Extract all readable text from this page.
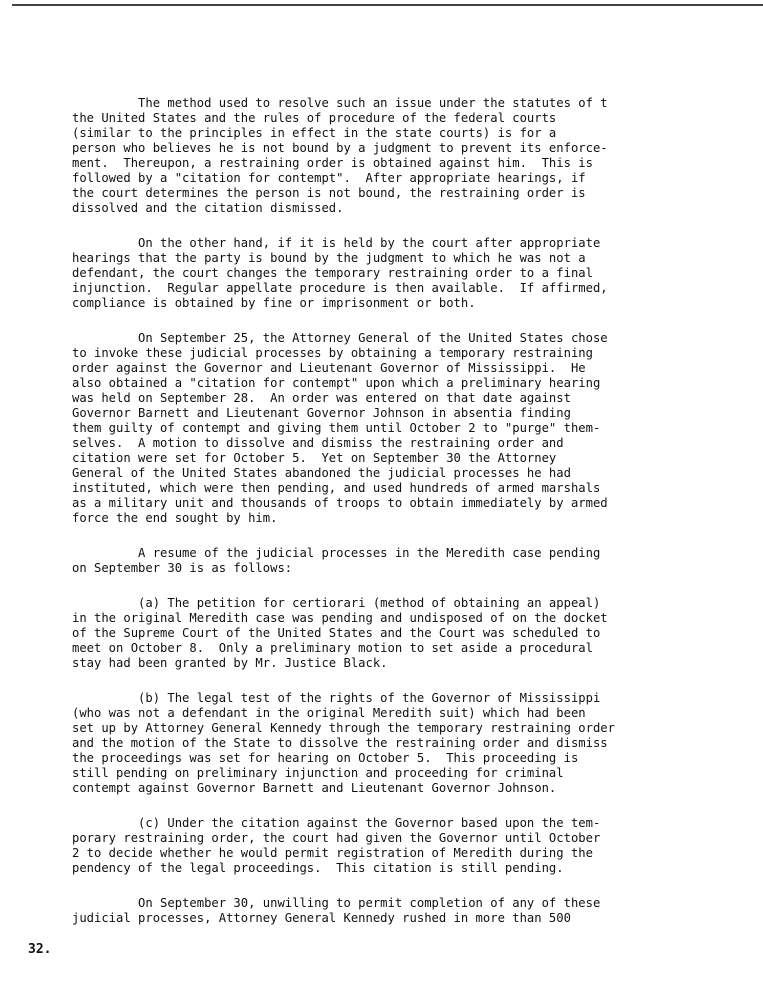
The method used to resolve such an issue under the statutes of t
the United States and the rules of procedure of the federal courts
(similar to the principles in effect in the state courts) is for a
person who believes he is not bound by a judgment to prevent its enforce-
ment.  Thereupon, a restraining order is obtained against him.  This is
followed by a "citation for contempt".  After appropriate hearings, if
the court determines the person is not bound, the restraining order is
dissolved and the citation dismissed.
On the other hand, if it is held by the court after appropriate
hearings that the party is bound by the judgment to which he was not a
defendant, the court changes the temporary restraining order to a final
injunction.  Regular appellate procedure is then available.  If affirmed,
compliance is obtained by fine or imprisonment or both.
On September 25, the Attorney General of the United States chose
to invoke these judicial processes by obtaining a temporary restraining
order against the Governor and Lieutenant Governor of Mississippi.  He
also obtained a "citation for contempt" upon which a preliminary hearing
was held on September 28.  An order was entered on that date against
Governor Barnett and Lieutenant Governor Johnson in absentia finding
them guilty of contempt and giving them until October 2 to "purge" them-
selves.  A motion to dissolve and dismiss the restraining order and
citation were set for October 5.  Yet on September 30 the Attorney
General of the United States abandoned the judicial processes he had
instituted, which were then pending, and used hundreds of armed marshals
as a military unit and thousands of troops to obtain immediately by armed
force the end sought by him.
A resume of the judicial processes in the Meredith case pending
on September 30 is as follows:
(a) The petition for certiorari (method of obtaining an appeal)
in the original Meredith case was pending and undisposed of on the docket
of the Supreme Court of the United States and the Court was scheduled to
meet on October 8.  Only a preliminary motion to set aside a procedural
stay had been granted by Mr. Justice Black.
(b) The legal test of the rights of the Governor of Mississippi
(who was not a defendant in the original Meredith suit) which had been
set up by Attorney General Kennedy through the temporary restraining order
and the motion of the State to dissolve the restraining order and dismiss
the proceedings was set for hearing on October 5.  This proceeding is
still pending on preliminary injunction and proceeding for criminal
contempt against Governor Barnett and Lieutenant Governor Johnson.
(c) Under the citation against the Governor based upon the tem-
porary restraining order, the court had given the Governor until October
2 to decide whether he would permit registration of Meredith during the
pendency of the legal proceedings.  This citation is still pending.
On September 30, unwilling to permit completion of any of these
judicial processes, Attorney General Kennedy rushed in more than 500
32.
